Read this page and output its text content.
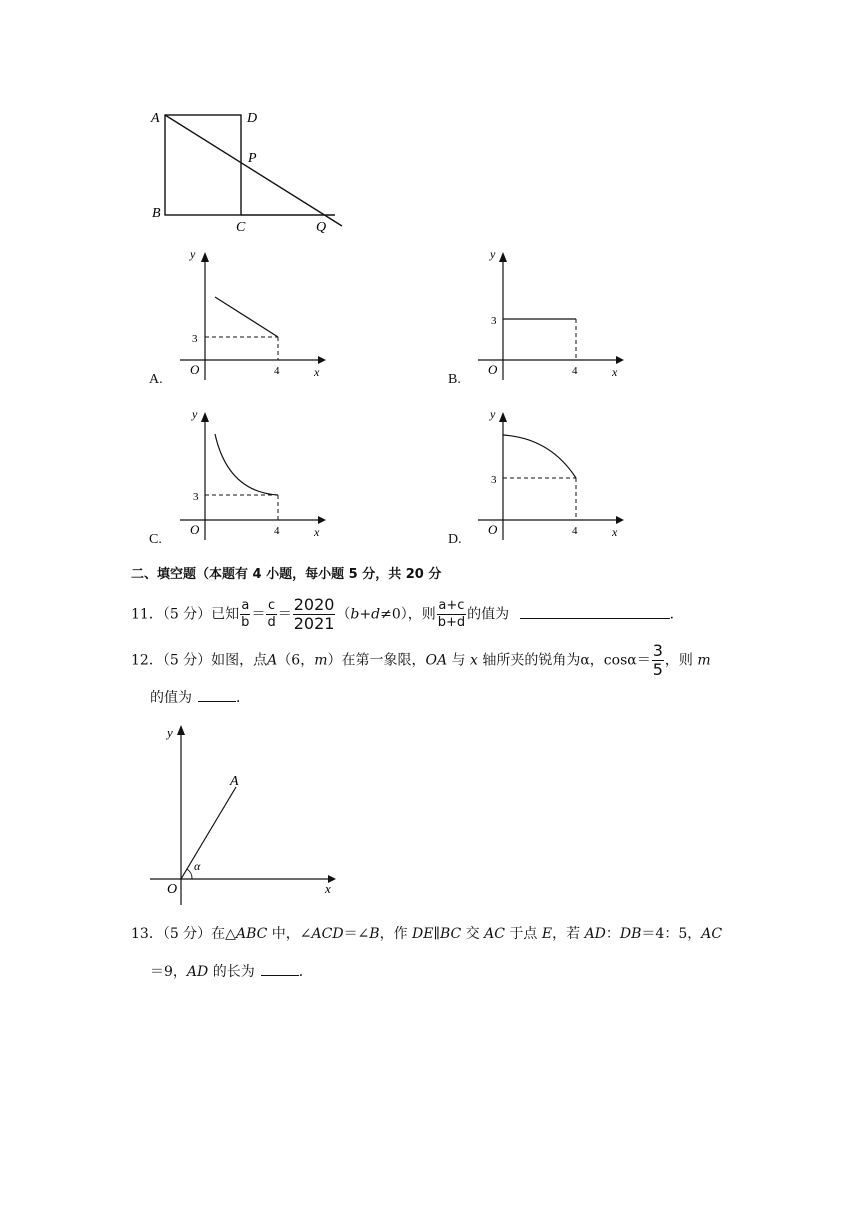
A	D
P
B
C	Q
y
x
O	4
3
A.
y
x
O	4
3
B.
y
x
O	4
3
C.
y
x
O	4
3
D.
二、填空题（本题有 4 小题，每小题 5 分，共 20 分
11．（5 分）已知 $\frac{a}{b} = \frac{c}{d} = \frac{2020}{2021} (b+d\ne 0)$，则 $\frac{a+c}{b+d}$ 的值为	．
12．（5 分）如图，点A（6，m）在第一象限，OA 与 x 轴所夹的锐角为α，$\cos\alpha= \frac{3}{5}$ ，则 m
的值为	．
y
x
O
A
α
13．（5 分）在△ABC 中，∠ACD＝∠B，作 DE∥BC 交 AC 于点 E，若 AD：DB＝4：5，AC
＝9，AD 的长为	．
